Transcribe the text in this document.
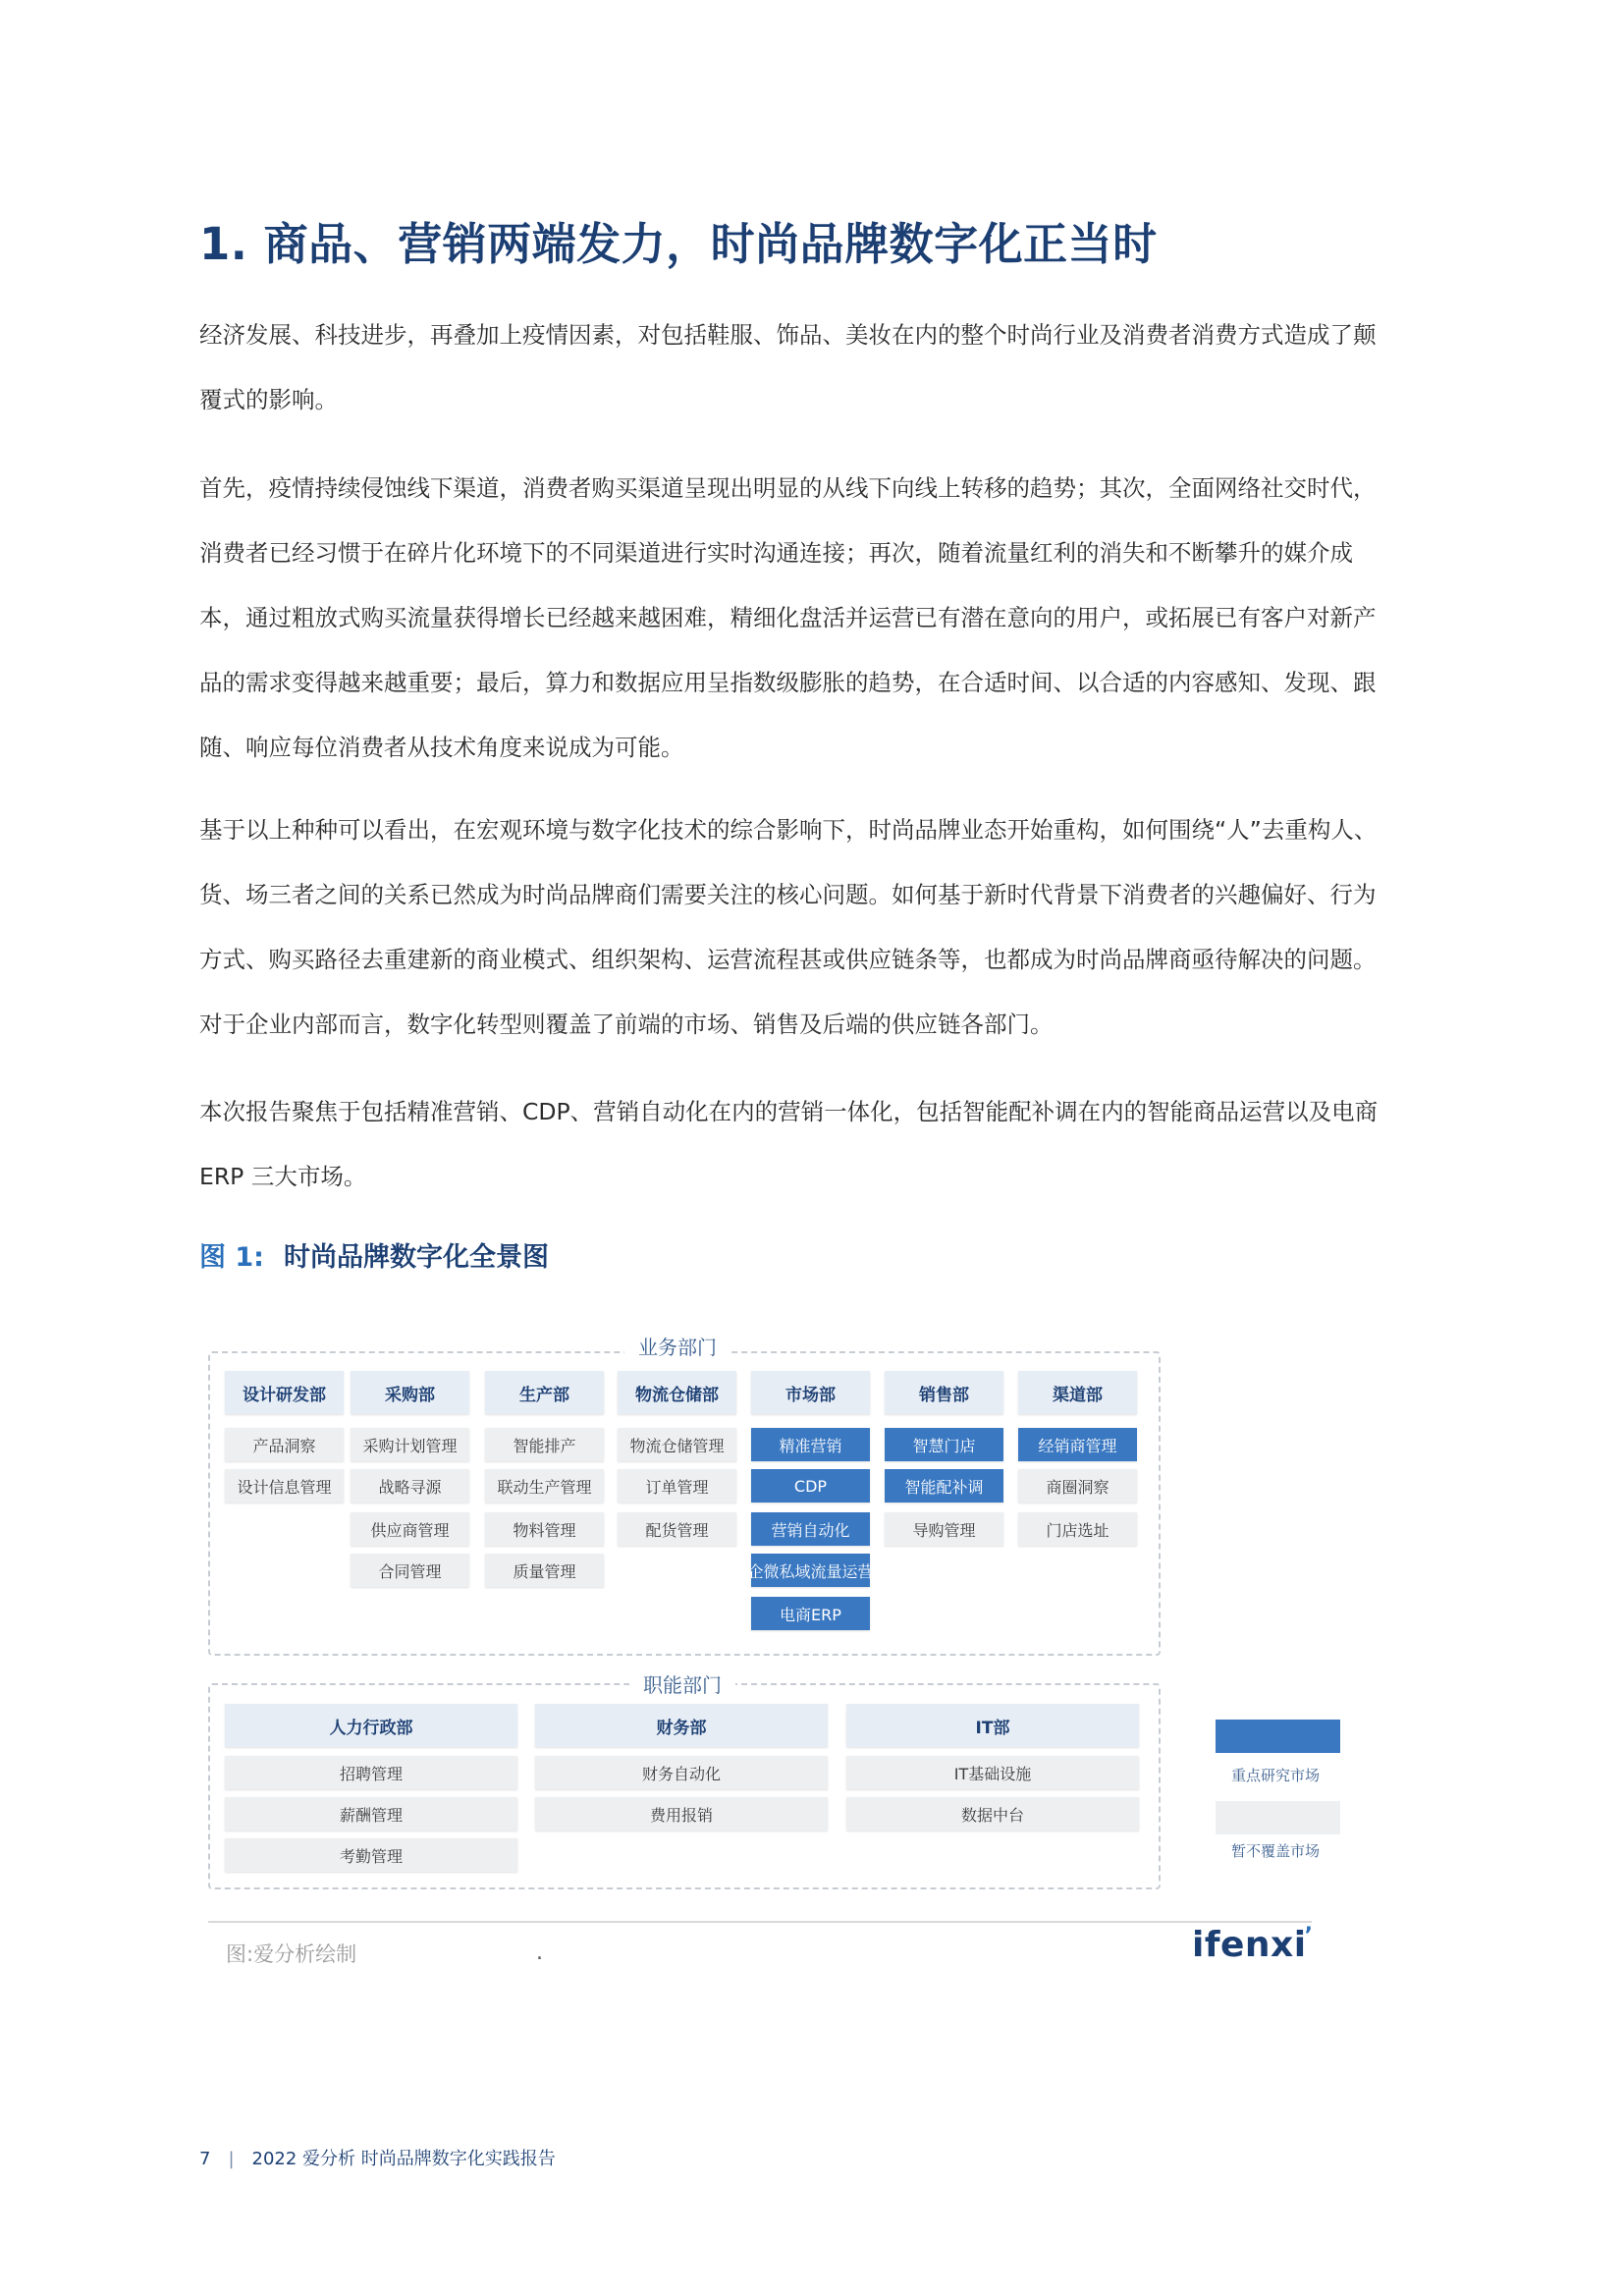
1. 商品、营销两端发力，时尚品牌数字化正当时

经济发展、科技进步，再叠加上疫情因素，对包括鞋服、饰品、美妆在内的整个时尚行业及消费者消费方式造成了颠
覆式的影响。

首先，疫情持续侵蚀线下渠道，消费者购买渠道呈现出明显的从线下向线上转移的趋势；其次，全面网络社交时代，
消费者已经习惯于在碎片化环境下的不同渠道进行实时沟通连接；再次，随着流量红利的消失和不断攀升的媒介成
本，通过粗放式购买流量获得增长已经越来越困难，精细化盘活并运营已有潜在意向的用户，或拓展已有客户对新产
品的需求变得越来越重要；最后，算力和数据应用呈指数级膨胀的趋势，在合适时间、以合适的内容感知、发现、跟
随、响应每位消费者从技术角度来说成为可能。

基于以上种种可以看出，在宏观环境与数字化技术的综合影响下，时尚品牌业态开始重构，如何围绕“人”去重构人、
货、场三者之间的关系已然成为时尚品牌商们需要关注的核心问题。如何基于新时代背景下消费者的兴趣偏好、行为
方式、购买路径去重建新的商业模式、组织架构、运营流程甚或供应链条等，也都成为时尚品牌商亟待解决的问题。
对于企业内部而言，数字化转型则覆盖了前端的市场、销售及后端的供应链各部门。

本次报告聚焦于包括精准营销、CDP、营销自动化在内的营销一体化，包括智能配补调在内的智能商品运营以及电商
ERP 三大市场。

图 1: 时尚品牌数字化全景图
业务部门
职能部门
重点研究市场
暂不覆盖市场
图:爱分析绘制	.	ifenxi$^ʼ$
7 | 2022 爱分析 时尚品牌数字化实践报告
设计研发部
产品洞察
设计信息管理
采购部
采购计划管理
战略寻源
供应商管理
合同管理
生产部
智能排产
联动生产管理
物料管理
质量管理
物流仓储部
物流仓储管理
订单管理
配货管理
市场部
精准营销
CDP
营销自动化
企微私域流量运营
电商ERP
销售部
智慧门店
智能配补调
导购管理
渠道部
经销商管理
商圈洞察
门店选址
人力行政部
招聘管理
薪酬管理
考勤管理
财务部
财务自动化
费用报销
IT部
IT基础设施
数据中台
